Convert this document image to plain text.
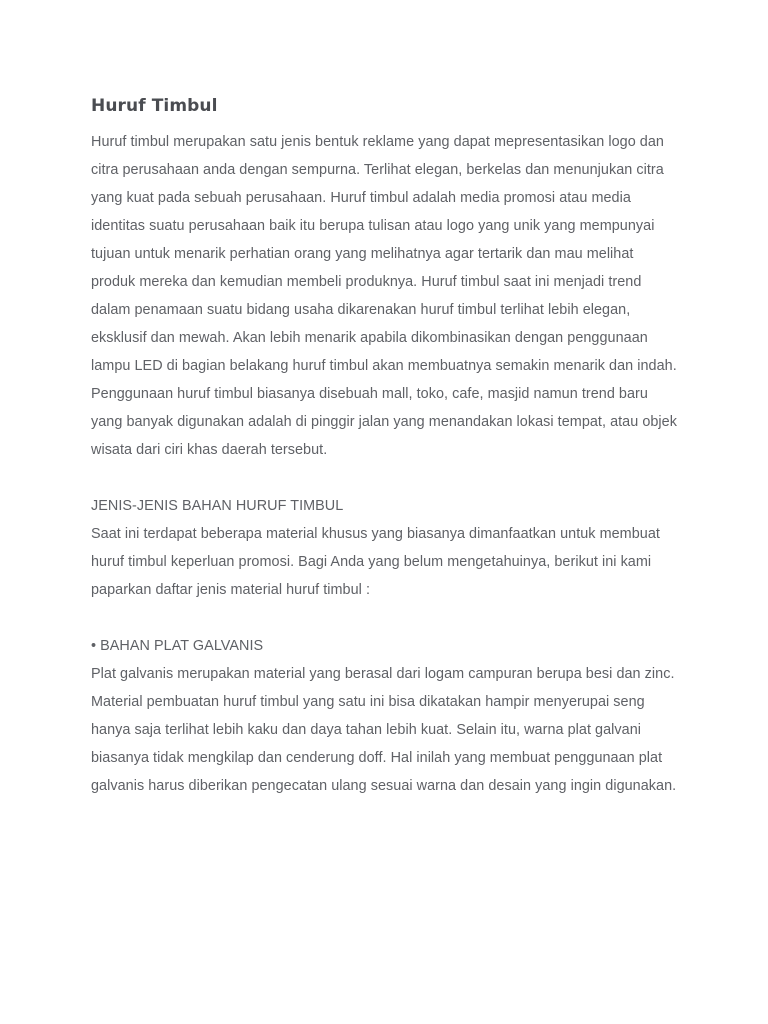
Huruf Timbul

Huruf timbul merupakan satu jenis bentuk reklame yang dapat mepresentasikan logo dan citra perusahaan anda dengan sempurna. Terlihat elegan, berkelas dan menunjukan citra yang kuat pada sebuah perusahaan. Huruf timbul adalah media promosi atau media identitas suatu perusahaan baik itu berupa tulisan atau logo yang unik yang mempunyai tujuan untuk menarik perhatian orang yang melihatnya agar tertarik dan mau melihat produk mereka dan kemudian membeli produknya. Huruf timbul saat ini menjadi trend dalam penamaan suatu bidang usaha dikarenakan huruf timbul terlihat lebih elegan, eksklusif dan mewah. Akan lebih menarik apabila dikombinasikan dengan penggunaan lampu LED di bagian belakang huruf timbul akan membuatnya semakin menarik dan indah.

Penggunaan huruf timbul biasanya disebuah mall, toko, cafe, masjid namun trend baru yang banyak digunakan adalah di pinggir jalan yang menandakan lokasi tempat, atau objek wisata dari ciri khas daerah tersebut.

JENIS-JENIS BAHAN HURUF TIMBUL

Saat ini terdapat beberapa material khusus yang biasanya dimanfaatkan untuk membuat huruf timbul keperluan promosi. Bagi Anda yang belum mengetahuinya, berikut ini kami paparkan daftar jenis material huruf timbul :

• BAHAN PLAT GALVANIS

Plat galvanis merupakan material yang berasal dari logam campuran berupa besi dan zinc. Material pembuatan huruf timbul yang satu ini bisa dikatakan hampir menyerupai seng hanya saja terlihat lebih kaku dan daya tahan lebih kuat. Selain itu, warna plat galvani biasanya tidak mengkilap dan cenderung doff. Hal inilah yang membuat penggunaan plat galvanis harus diberikan pengecatan ulang sesuai warna dan desain yang ingin digunakan.
